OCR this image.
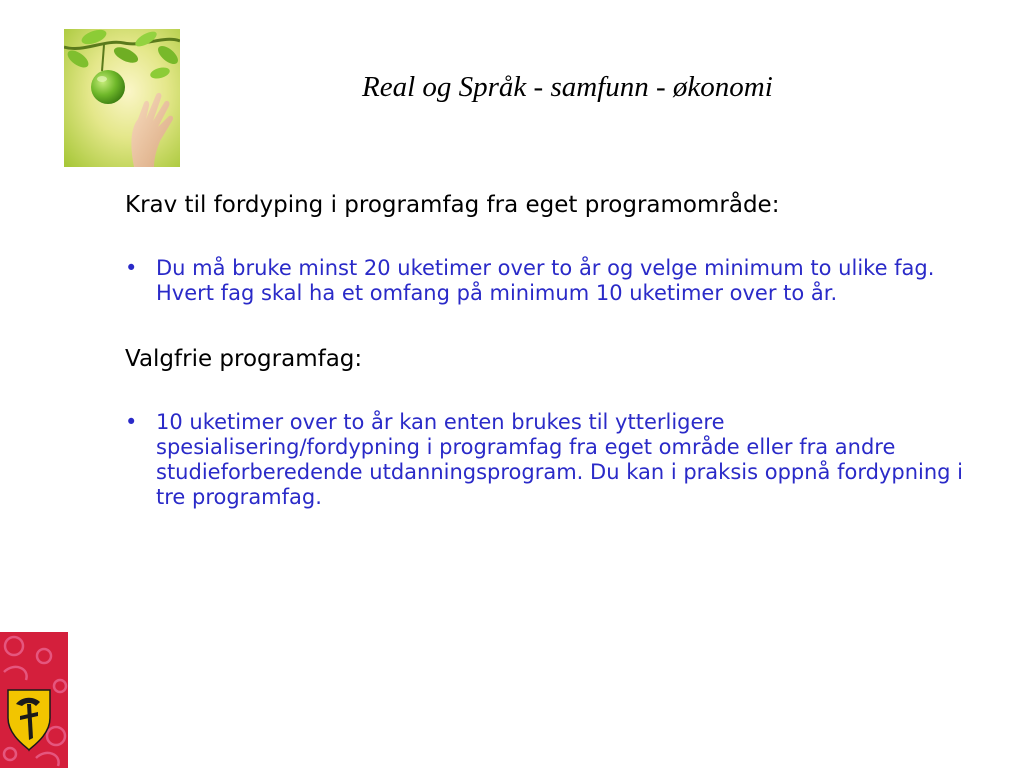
Real og Språk - samfunn - økonomi
Krav til fordyping i programfag fra eget programområde:
• Du må bruke minst 20 uketimer over to år og velge minimum to ulike fag. Hvert fag skal ha et omfang på minimum 10 uketimer over to år.
Valgfrie programfag:
• 10 uketimer over to år kan enten brukes til ytterligere spesialisering/fordypning i programfag fra eget område eller fra andre studieforberedende utdanningsprogram. Du kan i praksis oppnå fordypning i tre programfag.
